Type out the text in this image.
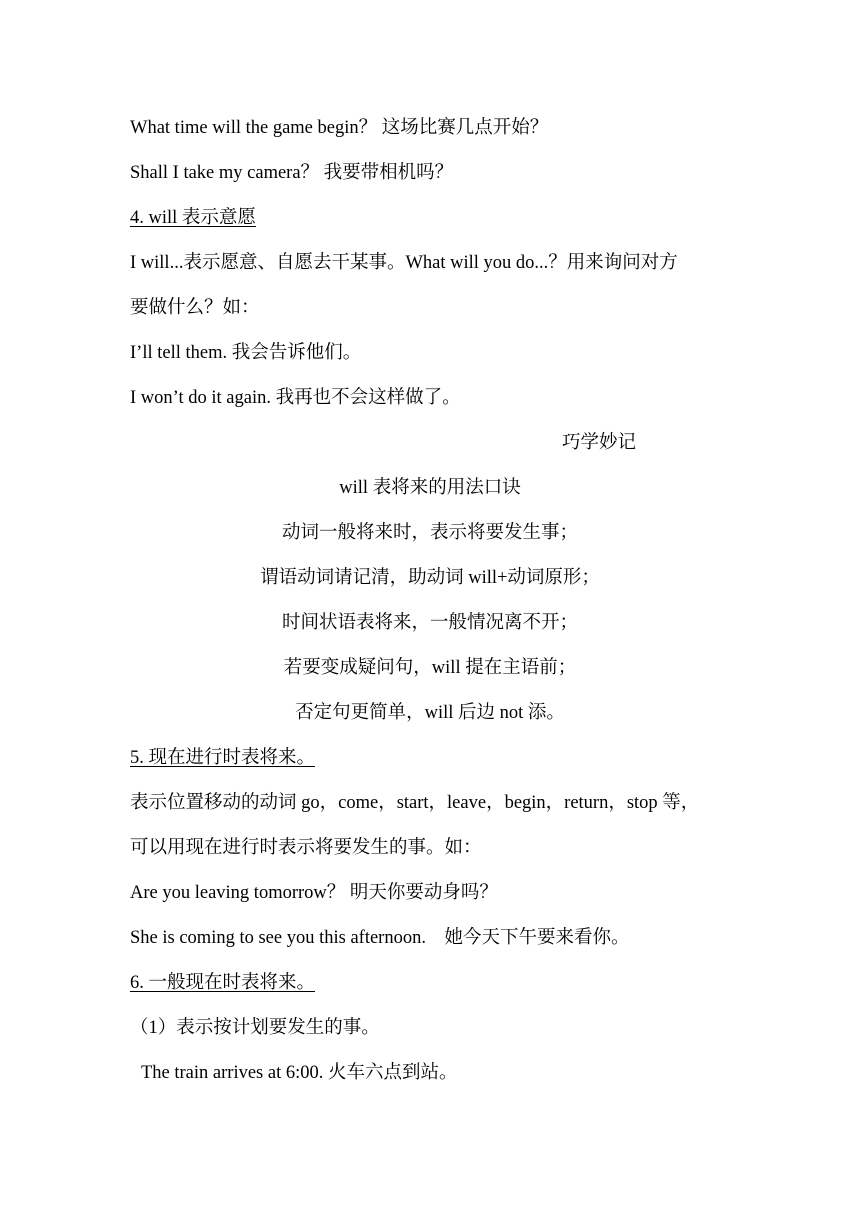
What time will the game begin？ 这场比赛几点开始？
Shall I take my camera？ 我要带相机吗？
4. will 表示意愿
I will...表示愿意、自愿去干某事。What will you do...？用来询问对方
要做什么？如：
I’ll tell them. 我会告诉他们。
I won’t do it again. 我再也不会这样做了。
巧学妙记
will 表将来的用法口诀
动词一般将来时，表示将要发生事；
谓语动词请记清，助动词 will+动词原形；
时间状语表将来，一般情况离不开；
若要变成疑问句，will 提在主语前；
否定句更简单，will 后边 not 添。
5. 现在进行时表将来。
表示位置移动的动词 go，come，start，leave，begin，return，stop 等，
可以用现在进行时表示将要发生的事。如：
Are you leaving tomorrow？ 明天你要动身吗？
She is coming to see you this afternoon.　她今天下午要来看你。
6. 一般现在时表将来。
（1）表示按计划要发生的事。
The train arrives at 6:00. 火车六点到站。
